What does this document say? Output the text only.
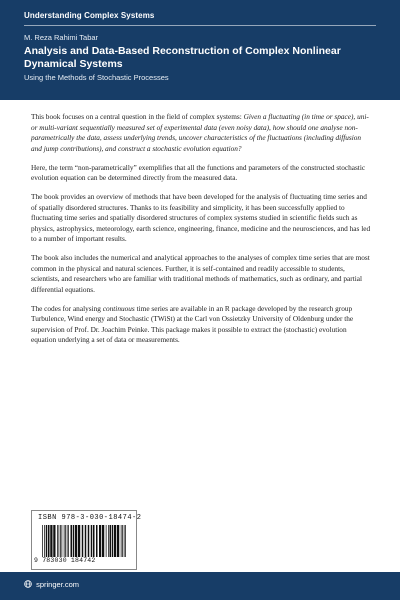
Understanding Complex Systems
M. Reza Rahimi Tabar
Analysis and Data-Based Reconstruction of Complex Nonlinear
Dynamical Systems
Using the Methods of Stochastic Processes

This book focuses on a central question in the field of complex systems: Given a fluctuating (in time or space), uni- or multi-variant sequentially measured set of experimental data (even noisy data), how should one analyse non-parametrically the data, assess underlying trends, uncover characteristics of the fluctuations (including diffusion and jump contributions), and construct a stochastic evolution equation?

Here, the term “non-parametrically” exemplifies that all the functions and parameters of the constructed stochastic evolution equation can be determined directly from the measured data.

The book provides an overview of methods that have been developed for the analysis of fluctuating time series and of spatially disordered structures. Thanks to its feasibility and simplicity, it has been successfully applied to fluctuating time series and spatially disordered structures of complex systems studied in scientific fields such as physics, astrophysics, meteorology, earth science, engineering, finance, medicine and the neurosciences, and has led to a number of important results.

The book also includes the numerical and analytical approaches to the analyses of complex time series that are most common in the physical and natural sciences. Further, it is self-contained and readily accessible to students, scientists, and researchers who are familiar with traditional methods of mathematics, such as ordinary, and partial differential equations.

The codes for analysing continuous time series are available in an R package developed by the research group Turbulence, Wind energy and Stochastic (TWiSt) at the Carl von Ossietzky University of Oldenburg under the supervision of Prof. Dr. Joachim Peinke. This package makes it possible to extract the (stochastic) evolution equation underlying a set of data or measurements.

ISBN 978-3-030-18474-2
9 783030 184742
springer.com
